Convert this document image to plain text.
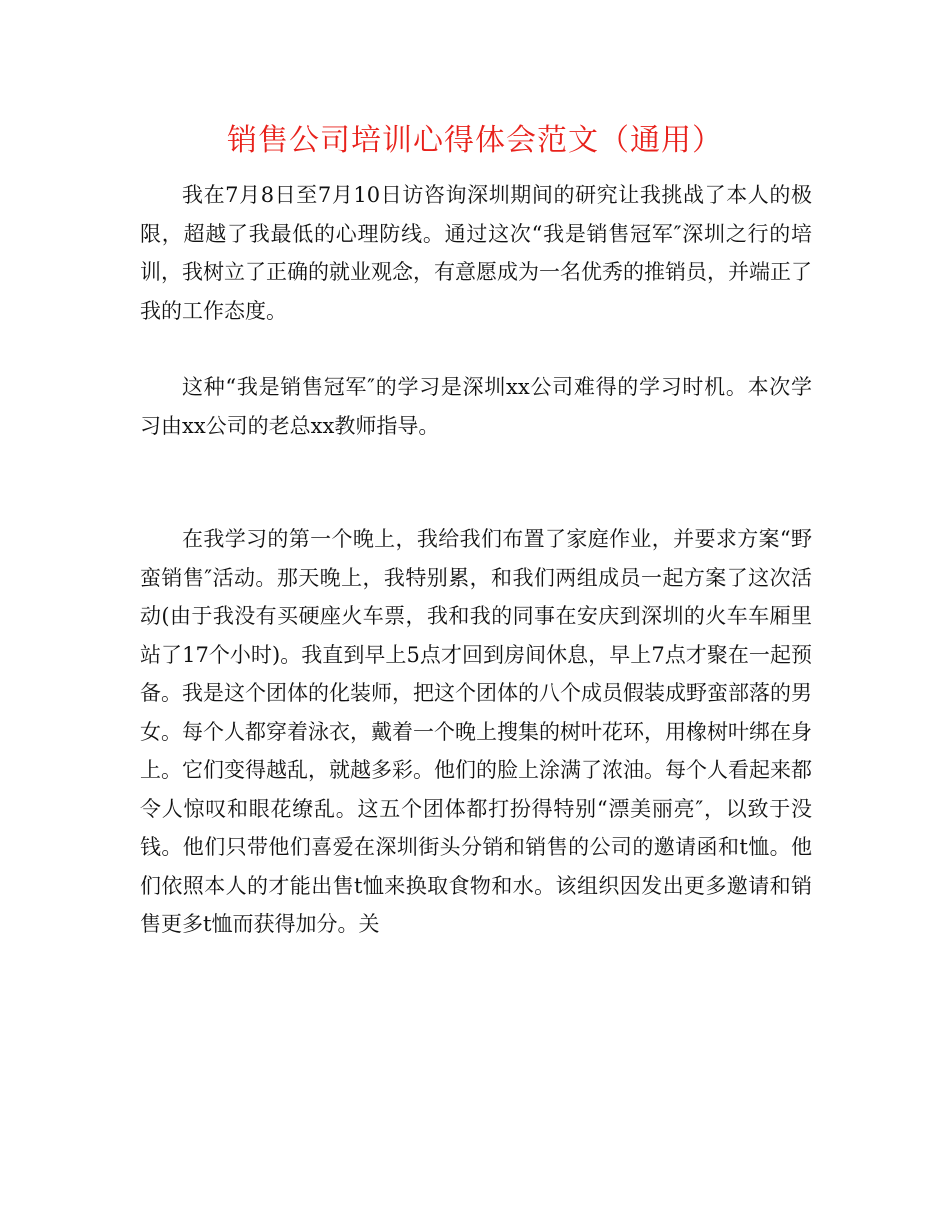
销售公司培训心得体会范文（通用）

我在7月8日至7月10日访咨询深圳期间的研究让我挑战了本人的极限，超越了我最低的心理防线。通过这次“我是销售冠军″深圳之行的培训，我树立了正确的就业观念，有意愿成为一名优秀的推销员，并端正了我的工作态度。

这种“我是销售冠军″的学习是深圳xx公司难得的学习时机。本次学习由xx公司的老总xx教师指导。

在我学习的第一个晚上，我给我们布置了家庭作业，并要求方案“野蛮销售″活动。那天晚上，我特别累，和我们两组成员一起方案了这次活动(由于我没有买硬座火车票，我和我的同事在安庆到深圳的火车车厢里站了17个小时)。我直到早上5点才回到房间休息，早上7点才聚在一起预备。我是这个团体的化装师，把这个团体的八个成员假装成野蛮部落的男女。每个人都穿着泳衣，戴着一个晚上搜集的树叶花环，用橡树叶绑在身上。它们变得越乱，就越多彩。他们的脸上涂满了浓油。每个人看起来都令人惊叹和眼花缭乱。这五个团体都打扮得特别“漂美丽亮″，以致于没钱。他们只带他们喜爱在深圳街头分销和销售的公司的邀请函和t恤。他们依照本人的才能出售t恤来换取食物和水。该组织因发出更多邀请和销售更多t恤而获得加分。关
